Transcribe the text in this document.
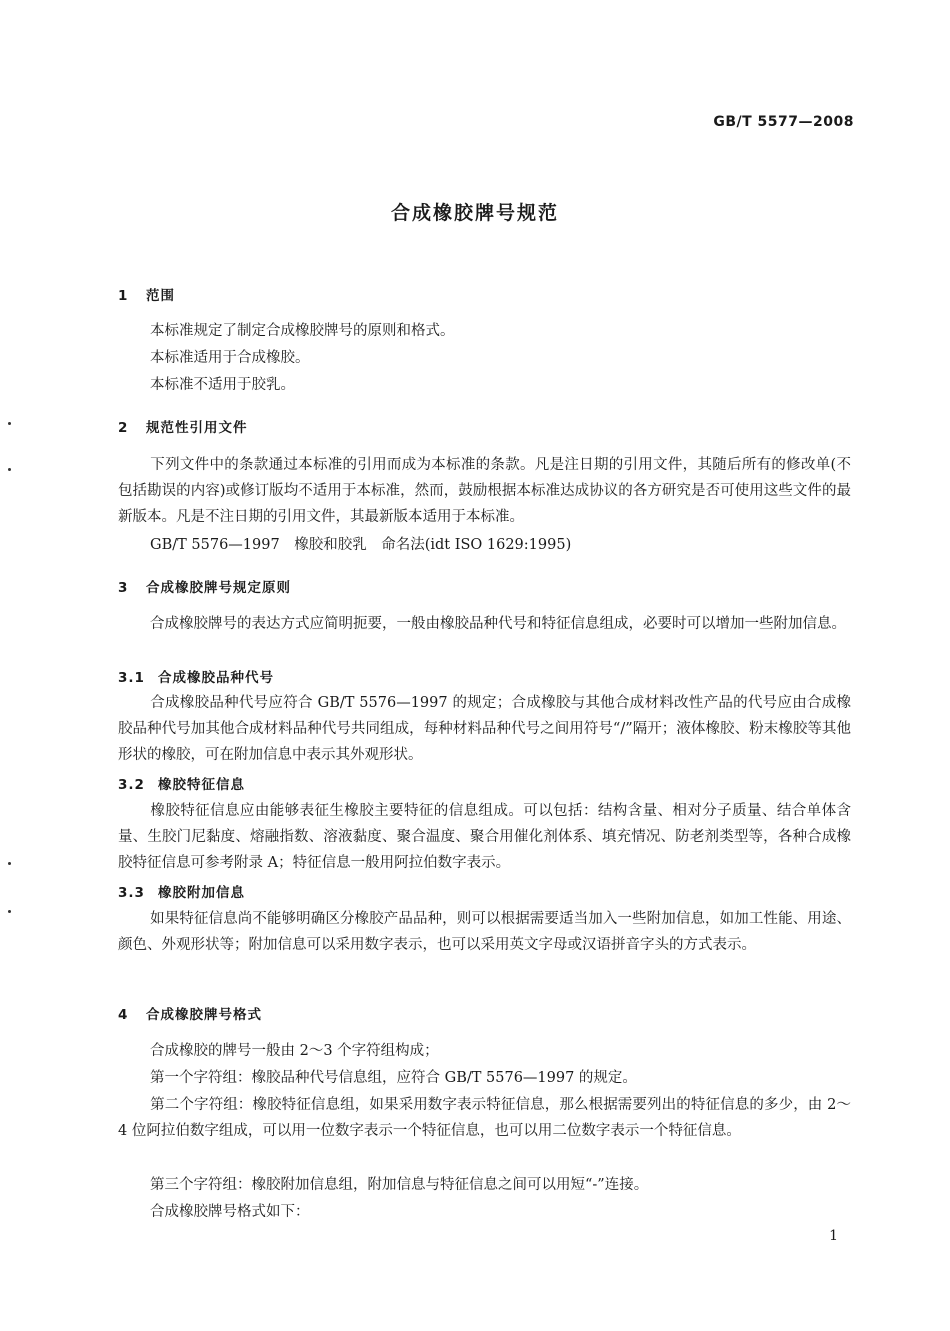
GB/T 5577—2008
合成橡胶牌号规范
1 范围
本标准规定了制定合成橡胶牌号的原则和格式。
本标准适用于合成橡胶。
本标准不适用于胶乳。
2 规范性引用文件
下列文件中的条款通过本标准的引用而成为本标准的条款。凡是注日期的引用文件，其随后所有的修改单(不包括勘误的内容)或修订版均不适用于本标准，然而，鼓励根据本标准达成协议的各方研究是否可使用这些文件的最新版本。凡是不注日期的引用文件，其最新版本适用于本标准。
GB/T 5576—1997　橡胶和胶乳　命名法(idt ISO 1629:1995)
3 合成橡胶牌号规定原则
合成橡胶牌号的表达方式应简明扼要，一般由橡胶品种代号和特征信息组成，必要时可以增加一些附加信息。
3.1 合成橡胶品种代号
合成橡胶品种代号应符合 GB/T 5576—1997 的规定；合成橡胶与其他合成材料改性产品的代号应由合成橡胶品种代号加其他合成材料品种代号共同组成，每种材料品种代号之间用符号“/”隔开；液体橡胶、粉末橡胶等其他形状的橡胶，可在附加信息中表示其外观形状。
3.2 橡胶特征信息
橡胶特征信息应由能够表征生橡胶主要特征的信息组成。可以包括：结构含量、相对分子质量、结合单体含量、生胶门尼黏度、熔融指数、溶液黏度、聚合温度、聚合用催化剂体系、填充情况、防老剂类型等，各种合成橡胶特征信息可参考附录 A；特征信息一般用阿拉伯数字表示。
3.3 橡胶附加信息
如果特征信息尚不能够明确区分橡胶产品品种，则可以根据需要适当加入一些附加信息，如加工性能、用途、颜色、外观形状等；附加信息可以采用数字表示，也可以采用英文字母或汉语拼音字头的方式表示。
4 合成橡胶牌号格式
合成橡胶的牌号一般由 2～3 个字符组构成；
第一个字符组：橡胶品种代号信息组，应符合 GB/T 5576—1997 的规定。
第二个字符组：橡胶特征信息组，如果采用数字表示特征信息，那么根据需要列出的特征信息的多少，由 2～4 位阿拉伯数字组成，可以用一位数字表示一个特征信息，也可以用二位数字表示一个特征信息。
第三个字符组：橡胶附加信息组，附加信息与特征信息之间可以用短“-”连接。
合成橡胶牌号格式如下：
1
